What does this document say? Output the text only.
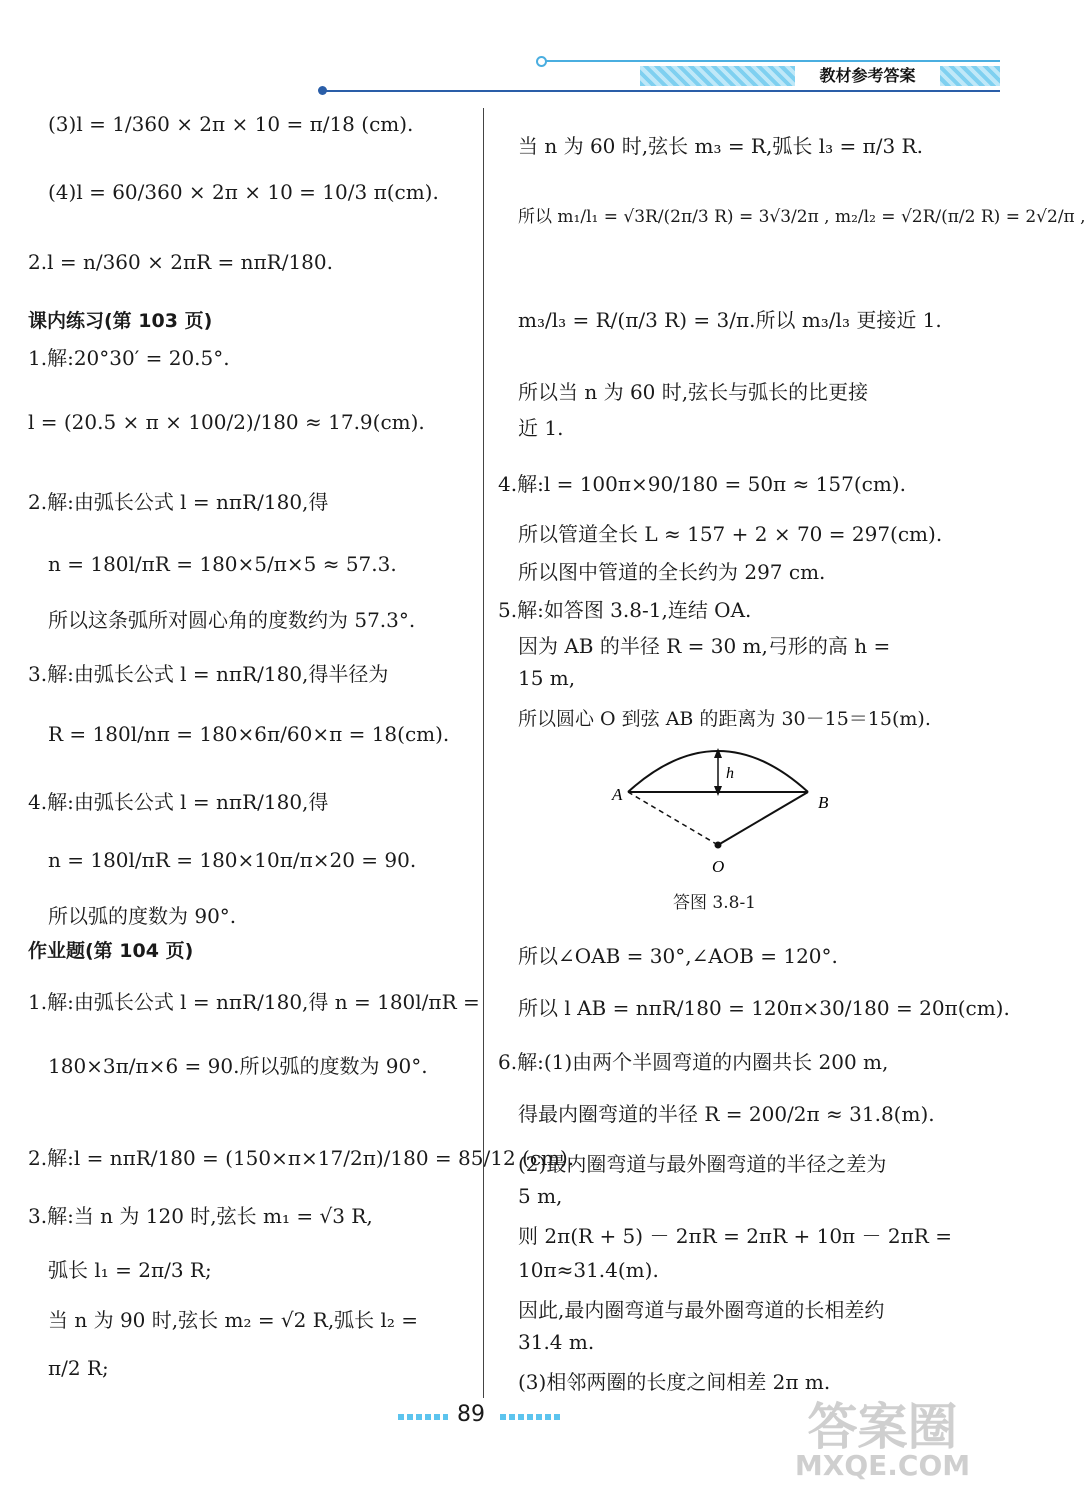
教材参考答案
(3)l = 1/360 × 2π × 10 = π/18 (cm).
(4)l = 60/360 × 2π × 10 = 10/3 π(cm).
2.l = n/360 × 2πR = nπR/180.
课内练习(第 103 页)
1.解:20°30′ = 20.5°.
l = (20.5 × π × 100/2)/180 ≈ 17.9(cm).
2.解:由弧长公式 l = nπR/180,得
n = 180l/πR = 180×5/π×5 ≈ 57.3.
所以这条弧所对圆心角的度数约为 57.3°.
3.解:由弧长公式 l = nπR/180,得半径为
R = 180l/nπ = 180×6π/60×π = 18(cm).
4.解:由弧长公式 l = nπR/180,得
n = 180l/πR = 180×10π/π×20 = 90.
所以弧的度数为 90°.
作业题(第 104 页)
1.解:由弧长公式 l = nπR/180,得 n = 180l/πR =
180×3π/π×6 = 90.所以弧的度数为 90°.
2.解:l = nπR/180 = (150×π×17/2π)/180 = 85/12 (cm).
3.解:当 n 为 120 时,弦长 m₁ = √3 R,
弧长 l₁ = 2π/3 R;
当 n 为 90 时,弦长 m₂ = √2 R,弧长 l₂ =
π/2 R;
当 n 为 60 时,弦长 m₃ = R,弧长 l₃ = π/3 R.
所以 m₁/l₁ = √3R/(2π/3 R) = 3√3/2π , m₂/l₂ = √2R/(π/2 R) = 2√2/π ,
m₃/l₃ = R/(π/3 R) = 3/π.所以 m₃/l₃ 更接近 1.
所以当 n 为 60 时,弦长与弧长的比更接
近 1.
4.解:l = 100π×90/180 = 50π ≈ 157(cm).
所以管道全长 L ≈ 157 + 2 × 70 = 297(cm).
所以图中管道的全长约为 297 cm.
5.解:如答图 3.8-1,连结 OA.
因为 AB 的半径 R = 30 m,弓形的高 h =
15 m,
所以圆心 O 到弦 AB 的距离为 30－15＝15(m).
A	B
O
h
答图 3.8-1
所以∠OAB = 30°,∠AOB = 120°.
所以 l AB = nπR/180 = 120π×30/180 = 20π(cm).
6.解:(1)由两个半圆弯道的内圈共长 200 m,
得最内圈弯道的半径 R = 200/2π ≈ 31.8(m).
(2)最内圈弯道与最外圈弯道的半径之差为
5 m,
则 2π(R + 5) － 2πR = 2πR + 10π － 2πR =
10π≈31.4(m).
因此,最内圈弯道与最外圈弯道的长相差约
31.4 m.
(3)相邻两圈的长度之间相差 2π m.
89	答案圈
MXQE.COM
